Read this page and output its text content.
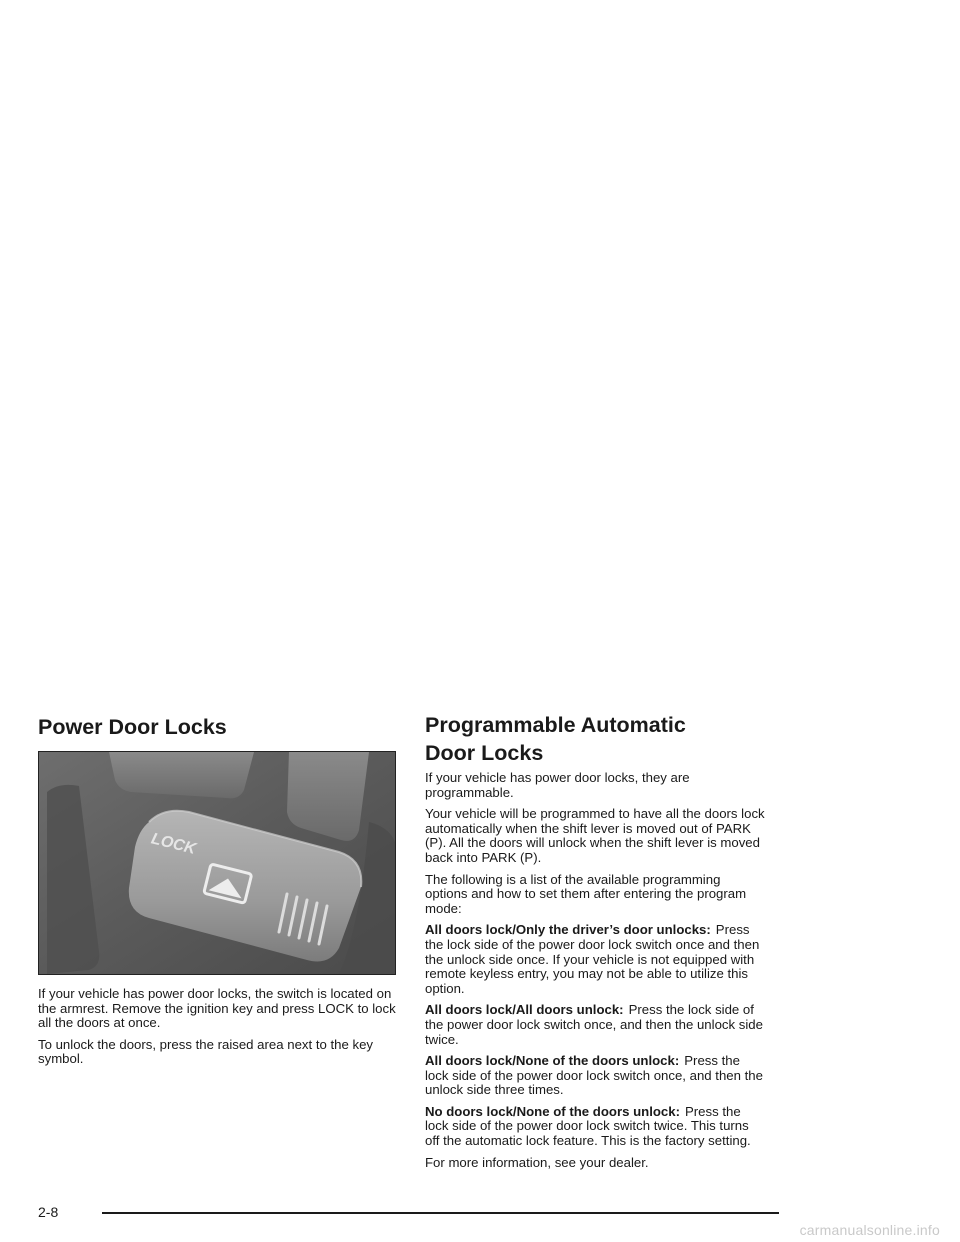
Power Door Locks
LOCK

If your vehicle has power door locks, the switch is located on the armrest. Remove the ignition key and press LOCK to lock all the doors at once.

To unlock the doors, press the raised area next to the key symbol.

Programmable Automatic
Door Locks

If your vehicle has power door locks, they are programmable.

Your vehicle will be programmed to have all the doors lock automatically when the shift lever is moved out of PARK (P). All the doors will unlock when the shift lever is moved back into PARK (P).

The following is a list of the available programming options and how to set them after entering the program mode:

All doors lock/Only the driver’s door unlocks: Press the lock side of the power door lock switch once and then the unlock side once. If your vehicle is not equipped with remote keyless entry, you may not be able to utilize this option.

All doors lock/All doors unlock: Press the lock side of the power door lock switch once, and then the unlock side twice.

All doors lock/None of the doors unlock: Press the lock side of the power door lock switch once, and then the unlock side three times.

No doors lock/None of the doors unlock: Press the lock side of the power door lock switch twice. This turns off the automatic lock feature. This is the factory setting.

For more information, see your dealer.

2-8
carmanualsonline.info
